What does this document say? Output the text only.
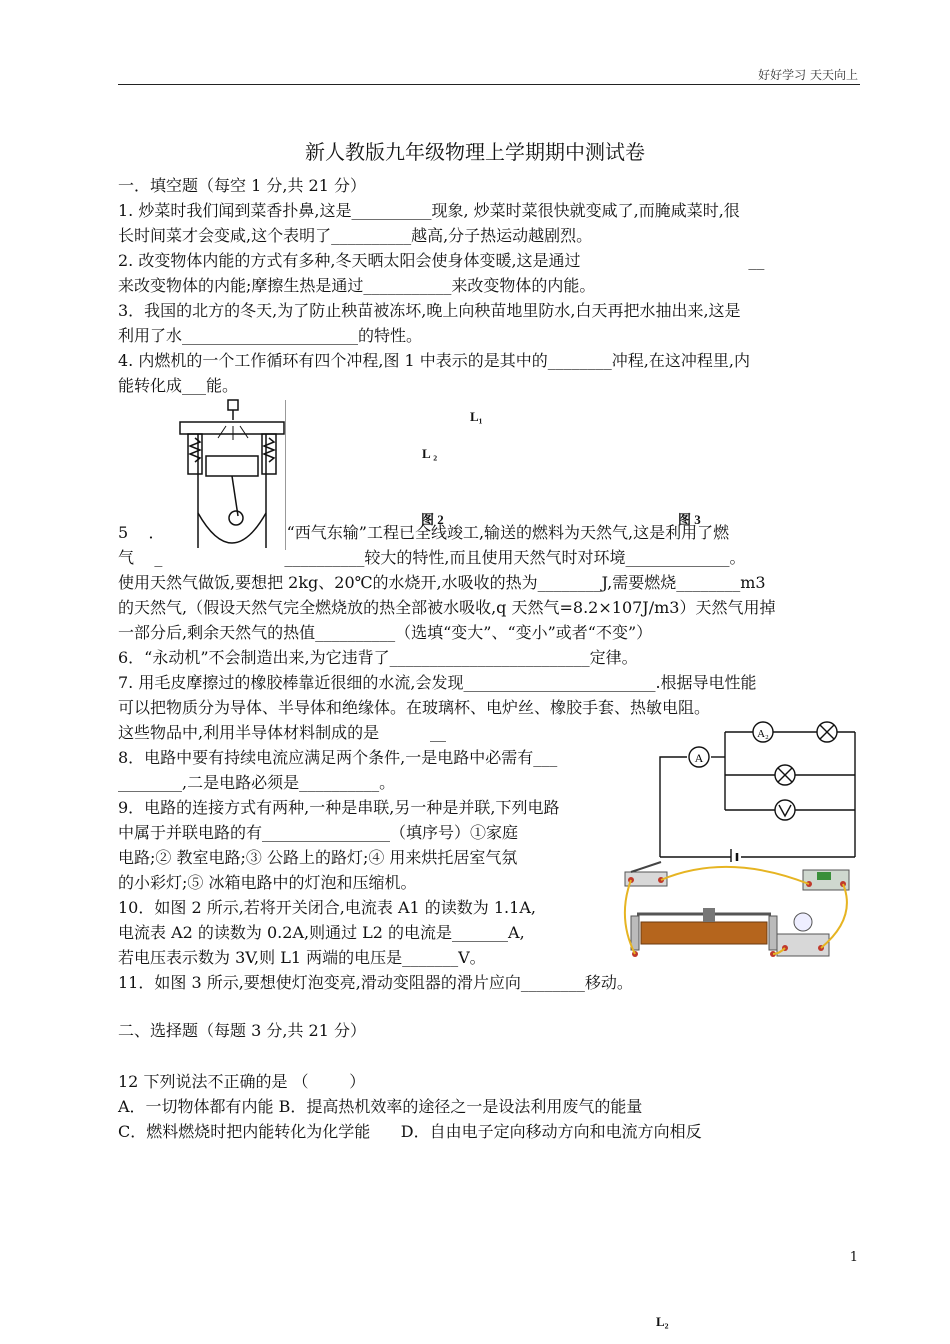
好好学习 天天向上
新人教版九年级物理上学期期中测试卷
一．填空题（每空 1 分,共 21 分）
1. 炒菜时我们闻到菜香扑鼻,这是__________现象, 炒菜时菜很快就变咸了,而腌咸菜时,很
长时间菜才会变咸,这个表明了__________越高,分子热运动越剧烈。
2. 改变物体内能的方式有多种,冬天晒太阳会使身体变暖,这是通过                                 __
来改变物体的内能;摩擦生热是通过___________来改变物体的内能。
3．我国的北方的冬天,为了防止秧苗被冻坏,晚上向秧苗地里防水,白天再把水抽出来,这是
利用了水______________________的特性。
4. 内燃机的一个工作循环有四个冲程,图 1 中表示的是其中的________冲程,在这冲程里,内
能转化成___能。
L₁
L ₂
图 2	图 3
5    ．                        “西气东输”工程已全线竣工,输送的燃料为天然气,这是利用了燃
气    _                        __________较大的特性,而且使用天然气时对环境_____________。
使用天然气做饭,要想把 2kg、20℃的水烧开,水吸收的热为________J,需要燃烧________m3
的天然气,（假设天然气完全燃烧放的热全部被水吸收,q 天然气=8.2×107J/m3）天然气用掉
一部分后,剩余天然气的热值__________（选填“变大”、“变小”或者“不变”）
6．“永动机”不会制造出来,为它违背了_________________________定律。
7. 用毛皮摩擦过的橡胶棒靠近很细的水流,会发现________________________.根据导电性能
可以把物质分为导体、半导体和绝缘体。在玻璃杯、电炉丝、橡胶手套、热敏电阻。
这些物品中,利用半导体材料制成的是          __
8．电路中要有持续电流应满足两个条件,一是电路中必需有___
________,二是电路必须是__________。
9．电路的连接方式有两种,一种是串联,另一种是并联,下列电路
中属于并联电路的有________________（填序号）①家庭
电路;② 教室电路;③ 公路上的路灯;④ 用来烘托居室气氛
的小彩灯;⑤ 冰箱电路中的灯泡和压缩机。
10．如图 2 所示,若将开关闭合,电流表 A1 的读数为 1.1A,
电流表 A2 的读数为 0.2A,则通过 L2 的电流是_______A,
若电压表示数为 3V,则 L1 两端的电压是_______V。
11．如图 3 所示,要想使灯泡变亮,滑动变阻器的滑片应向________移动。
A
A₂
二、选择题（每题 3 分,共 21 分）
12 下列说法不正确的是 （        ）
A．一切物体都有内能 B．提高热机效率的途径之一是设法利用废气的能量
C．燃料燃烧时把内能转化为化学能      D．自由电子定向移动方向和电流方向相反
1
L₂
